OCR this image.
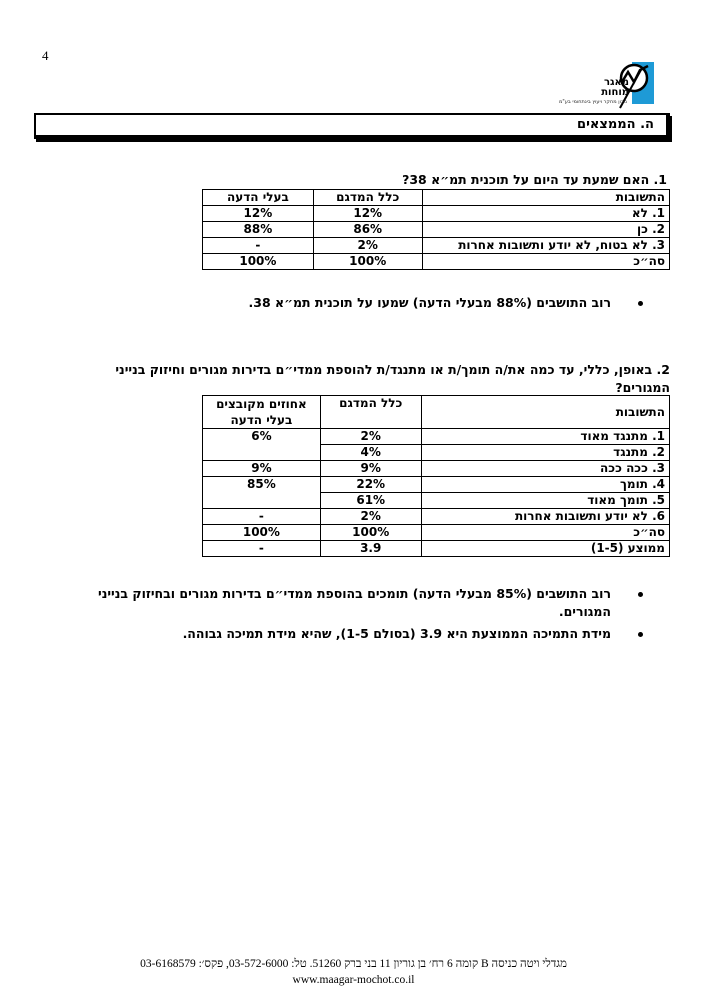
4
מאגר
מוחות
מכון מחקר ויעוץ בינתחומי בע"מ
ה. הממצאים
1. האם שמעת עד היום על תוכנית תמ״א 38?
התשובות	כלל המדגם	בעלי הדעה
1. לא	12%	12%
2. כן	86%	88%
3. לא בטוח, לא יודע ותשובות אחרות	2%	-
סה״כ	100%	100%
רוב התושבים (88% מבעלי הדעה) שמעו על תוכנית תמ״א 38.
2. באופן, כללי, עד כמה את/ה תומך/ת או מתנגד/ת להוספת ממדי״ם בדירות מגורים וחיזוק בנייני המגורים?
התשובות	כלל המדגם	אחוזים מקובצים בעלי הדעה
1. מתנגד מאוד	2%	6%
2. מתנגד	4%	
3. ככה ככה	9%	9%
4. תומך	22%	85%
5. תומך מאוד	61%	
6. לא יודע ותשובות אחרות	2%	-
סה״כ	100%	100%
ממוצע (1-5)	3.9	-
רוב התושבים (85% מבעלי הדעה) תומכים בהוספת ממדי״ם בדירות מגורים ובחיזוק בנייני המגורים.
מידת התמיכה הממוצעת היא 3.9 (בסולם 1-5), שהיא מידת תמיכה גבוהה.
מגדלי ויטה כניסה B קומה 6 רח׳ בן גוריון 11 בני ברק 51260. טל: 03-572-6000, פקס׳: 03-6168579
www.maagar-mochot.co.il
